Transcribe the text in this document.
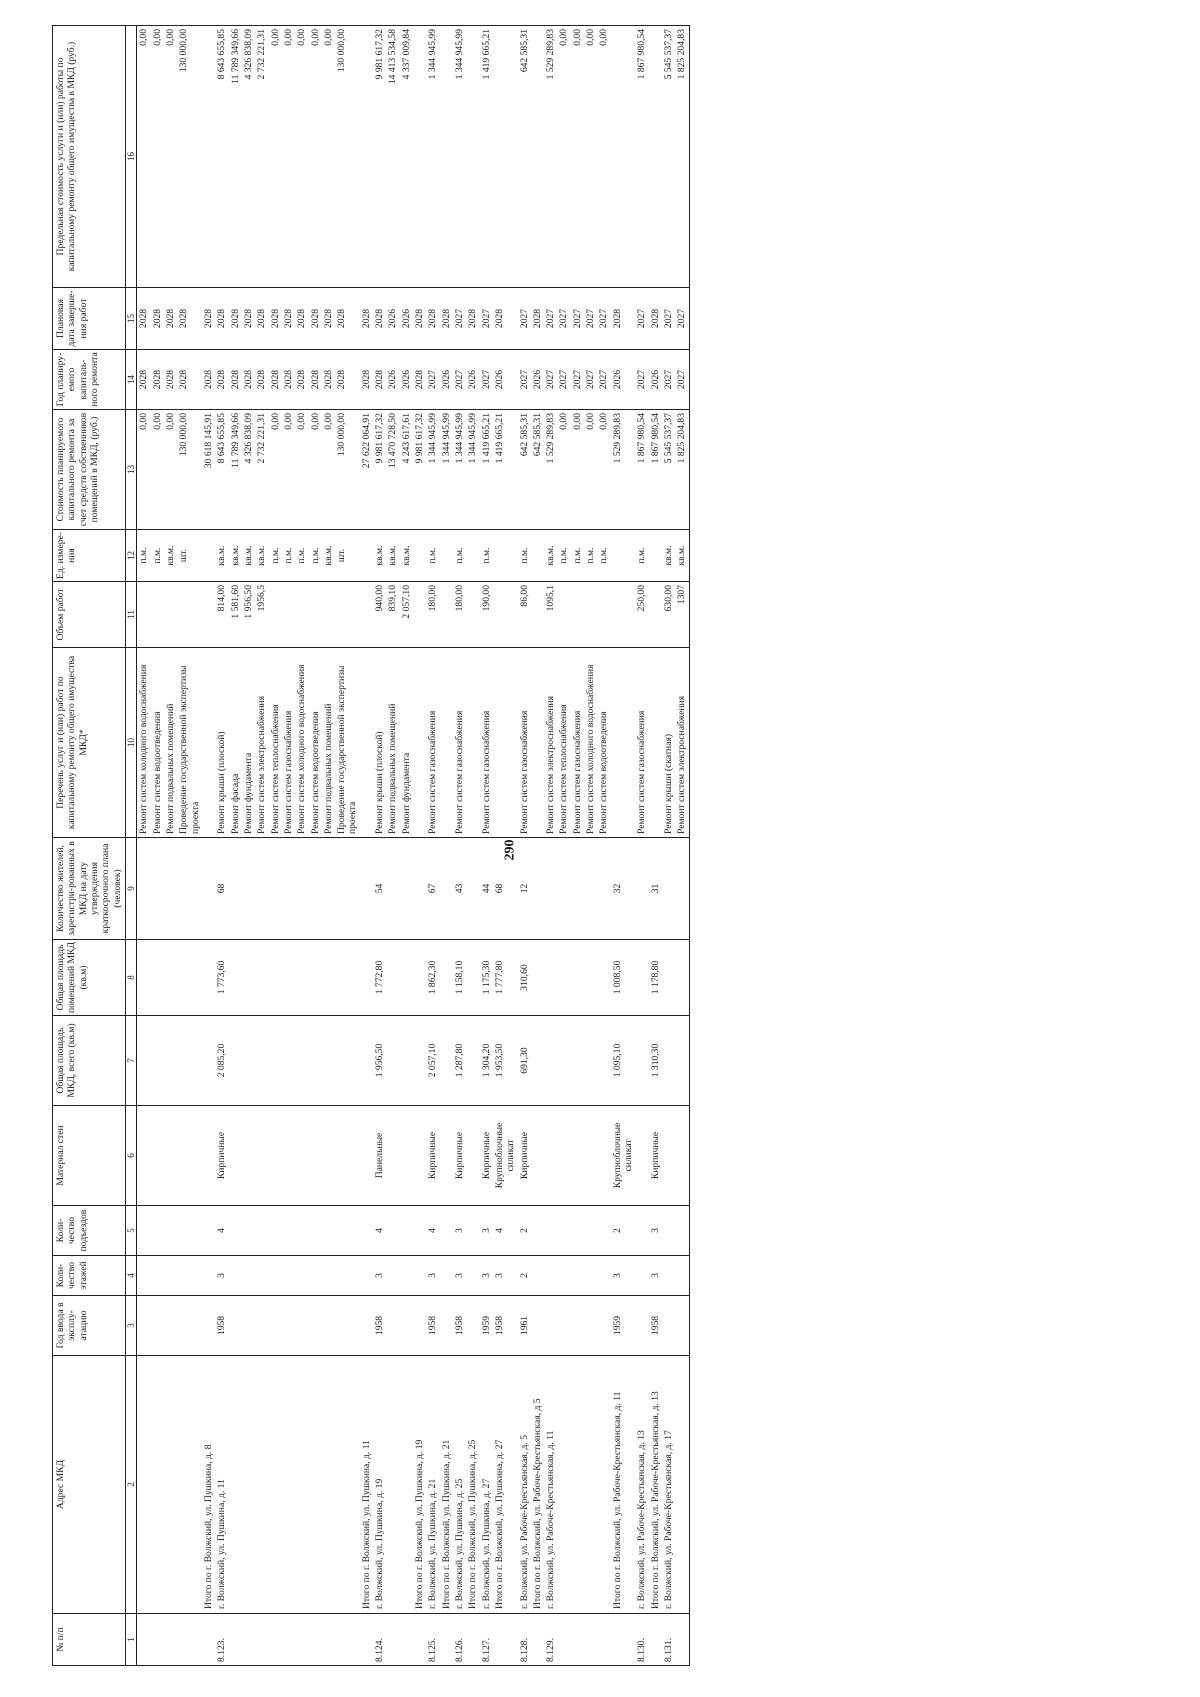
290
№ п/п	Адрес МКД	Год ввода в эксплу-атацию	Коли-чество этажей	Коли-чество подъездов	Материал стен	Общая площадь МКД, всего (кв.м)	Общая площадь помещений МКД (кв.м)	Количество жителей, зарегистри-рованных в МКД на дату утверждения краткосрочного плана (человек)	Перечень услуг и (или) работ по капитальному ремонту общего имущества МКД*	Объем работ	Ед. измере-ния	Стоимость планируемого капитального ремонта за счет средств собственников помещений в МКД, (руб.)	Год планиру-емого капиталь-ного ремонта	Плановая дата заверше-ния работ	Предельная стоимость услуги и (или) работы по капитальному ремонту общего имущества в МКД (руб.)
1	2	3	4	5	6	7	8	9	10	11	12	13	14	15	16
									Ремонт систем холодного водоснабжения		п.м.	0,00	2028	2028	0,00
									Ремонт систем водоотведения		п.м.	0,00	2028	2028	0,00
									Ремонт подвальных помещений		кв.м.	0,00	2028	2028	0,00
									Проведение государственной экспертизы проекта		шт.	130 000,00	2028	2028	130 000,00
	Итого по г. Волжский, ул. Пушкина, д. 8											30 618 145,91	2028	2028	
8.123.	г. Волжский, ул. Пушкина, д. 11	1958	3	4	Кирпичные	2 085,20	1 773,60	68	Ремонт крыши (плоской)	814,00	кв.м.	8 643 655,85	2028	2028	8 643 655,85
									Ремонт фасада	1 581,60	кв.м.	11 789 349,66	2028	2028	11 789 349,66
									Ремонт фундамента	1 956,50	кв.м.	4 326 838,09	2028	2028	4 326 838,09
									Ремонт систем электроснабжения	1956,5	кв.м.	2 732 221,31	2028	2028	2 732 221,31
									Ремонт систем теплоснабжения		п.м.	0,00	2028	2028	0,00
									Ремонт систем газоснабжения		п.м.	0,00	2028	2028	0,00
									Ремонт систем холодного водоснабжения		п.м.	0,00	2028	2028	0,00
									Ремонт систем водоотведения		п.м.	0,00	2028	2028	0,00
									Ремонт подвальных помещений		кв.м.	0,00	2028	2028	0,00
									Проведение государственной экспертизы проекта		шт.	130 000,00	2028	2028	130 000,00
	Итого по г. Волжский, ул. Пушкина, д. 11											27 622 064,91	2028	2028	
8.124.	г. Волжский, ул. Пушкина, д. 19	1958	3	4	Панельные	1 956,50	1 772,80	54	Ремонт крыши (плоской)	940,00	кв.м.	9 981 617,32	2028	2028	9 981 617,32
									Ремонт подвальных помещений	839,10	кв.м.	13 470 728,50	2026	2026	14 413 534,58
									Ремонт фундамента	2 057,10	кв.м.	4 243 617,61	2026	2026	4 337 009,84
	Итого по г. Волжский, ул. Пушкина, д. 19											9 981 617,32	2028	2028	
8.125.	г. Волжский, ул. Пушкина, д. 21	1958	3	4	Кирпичные	2 057,10	1 862,30	67	Ремонт систем газоснабжения	180,00	п.м.	1 344 945,99	2027	2028	1 344 945,99
	Итого по г. Волжский, ул. Пушкина, д. 21											1 344 945,99	2026	2028	
8.126.	г. Волжский, ул. Пушкина, д. 25	1958	3	3	Кирпичные	1 287,80	1 158,10	43	Ремонт систем газоснабжения	180,00	п.м.	1 344 945,99	2027	2027	1 344 945,99
	Итого по г. Волжский, ул. Пушкина, д. 25											1 344 945,99	2026	2028	
8.127.	г. Волжский, ул. Пушкина, д. 27	1959	3	3	Кирпичные	1 304,20	1 175,30	44	Ремонт систем газоснабжения	190,00	п.м.	1 419 665,21	2027	2027	1 419 665,21
	Итого по г. Волжский, ул. Пушкина, д. 27	1958	3	4	Крупноблочные силикат	1 953,50	1 777,80	68				1 419 665,21	2026	2028	
8.128.	г. Волжский, ул. Рабоче-Крестьянская, д. 5	1961	2	2	Кирпичные	691,30	310,60	12	Ремонт систем газоснабжения	86,00	п.м.	642 585,31	2027	2027	642 585,31
	Итого по г. Волжский, ул. Рабоче-Крестьянская, д 5											642 585,31	2026	2028	
8.129.	г. Волжский, ул. Рабоче-Крестьянская, д. 11								Ремонт систем электроснабжения	1095,1	кв.м.	1 529 289,83	2027	2027	1 529 289,83
									Ремонт систем теплоснабжения		п.м.	0,00	2027	2027	0,00
									Ремонт систем газоснабжения		п.м.	0,00	2027	2027	0,00
									Ремонт систем холодного водоснабжения		п.м.	0,00	2027	2027	0,00
									Ремонт систем водоотведения		п.м.	0,00	2027	2027	0,00
	Итого по г. Волжский, ул. Рабоче-Крестьянская, д. 11	1959	3	2	Крупноблочные силикат	1 095,10	1 008,50	32				1 529 289,83	2026	2028	
8.130.	г. Волжский, ул. Рабоче-Крестьянская, д. 13								Ремонт систем газоснабжения	250,00	п.м.	1 867 980,54	2027	2027	1 867 980,54
	Итого по г. Волжский, ул. Рабоче-Крестьянская, д. 13	1958	3	3	Кирпичные	1 310,30	1 178,80	31				1 867 980,54	2026	2028	
8.131.	г. Волжский, ул. Рабоче-Крестьянская, д. 17								Ремонт крыши (скатная)	630,00	кв.м.	5 545 537,37	2027	2027	5 545 537,37
									Ремонт систем электроснабжения	1307	кв.м.	1 825 204,83	2027	2027	1 825 204,83
